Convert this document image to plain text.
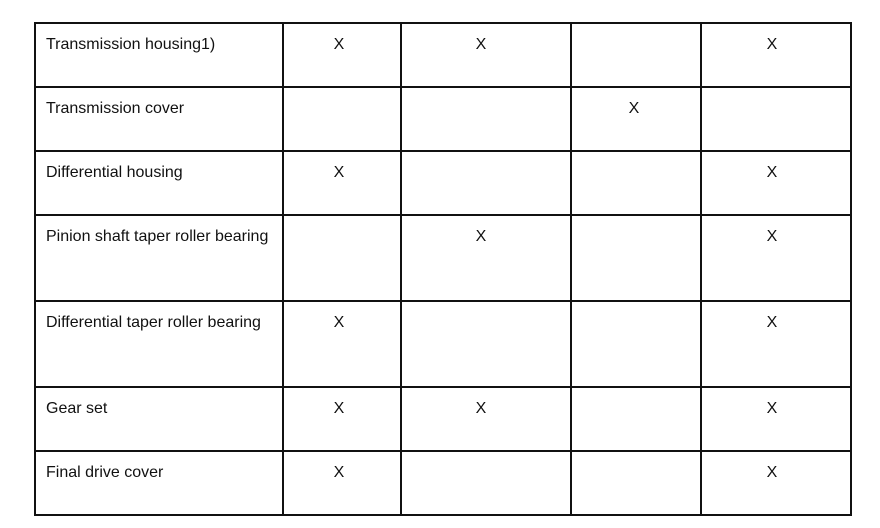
Transmission housing1)	X	X		X
Transmission cover			X	
Differential housing	X			X
Pinion shaft taper roller bearing		X		X
Differential taper roller bearing	X			X
Gear set	X	X		X
Final drive cover	X			X
